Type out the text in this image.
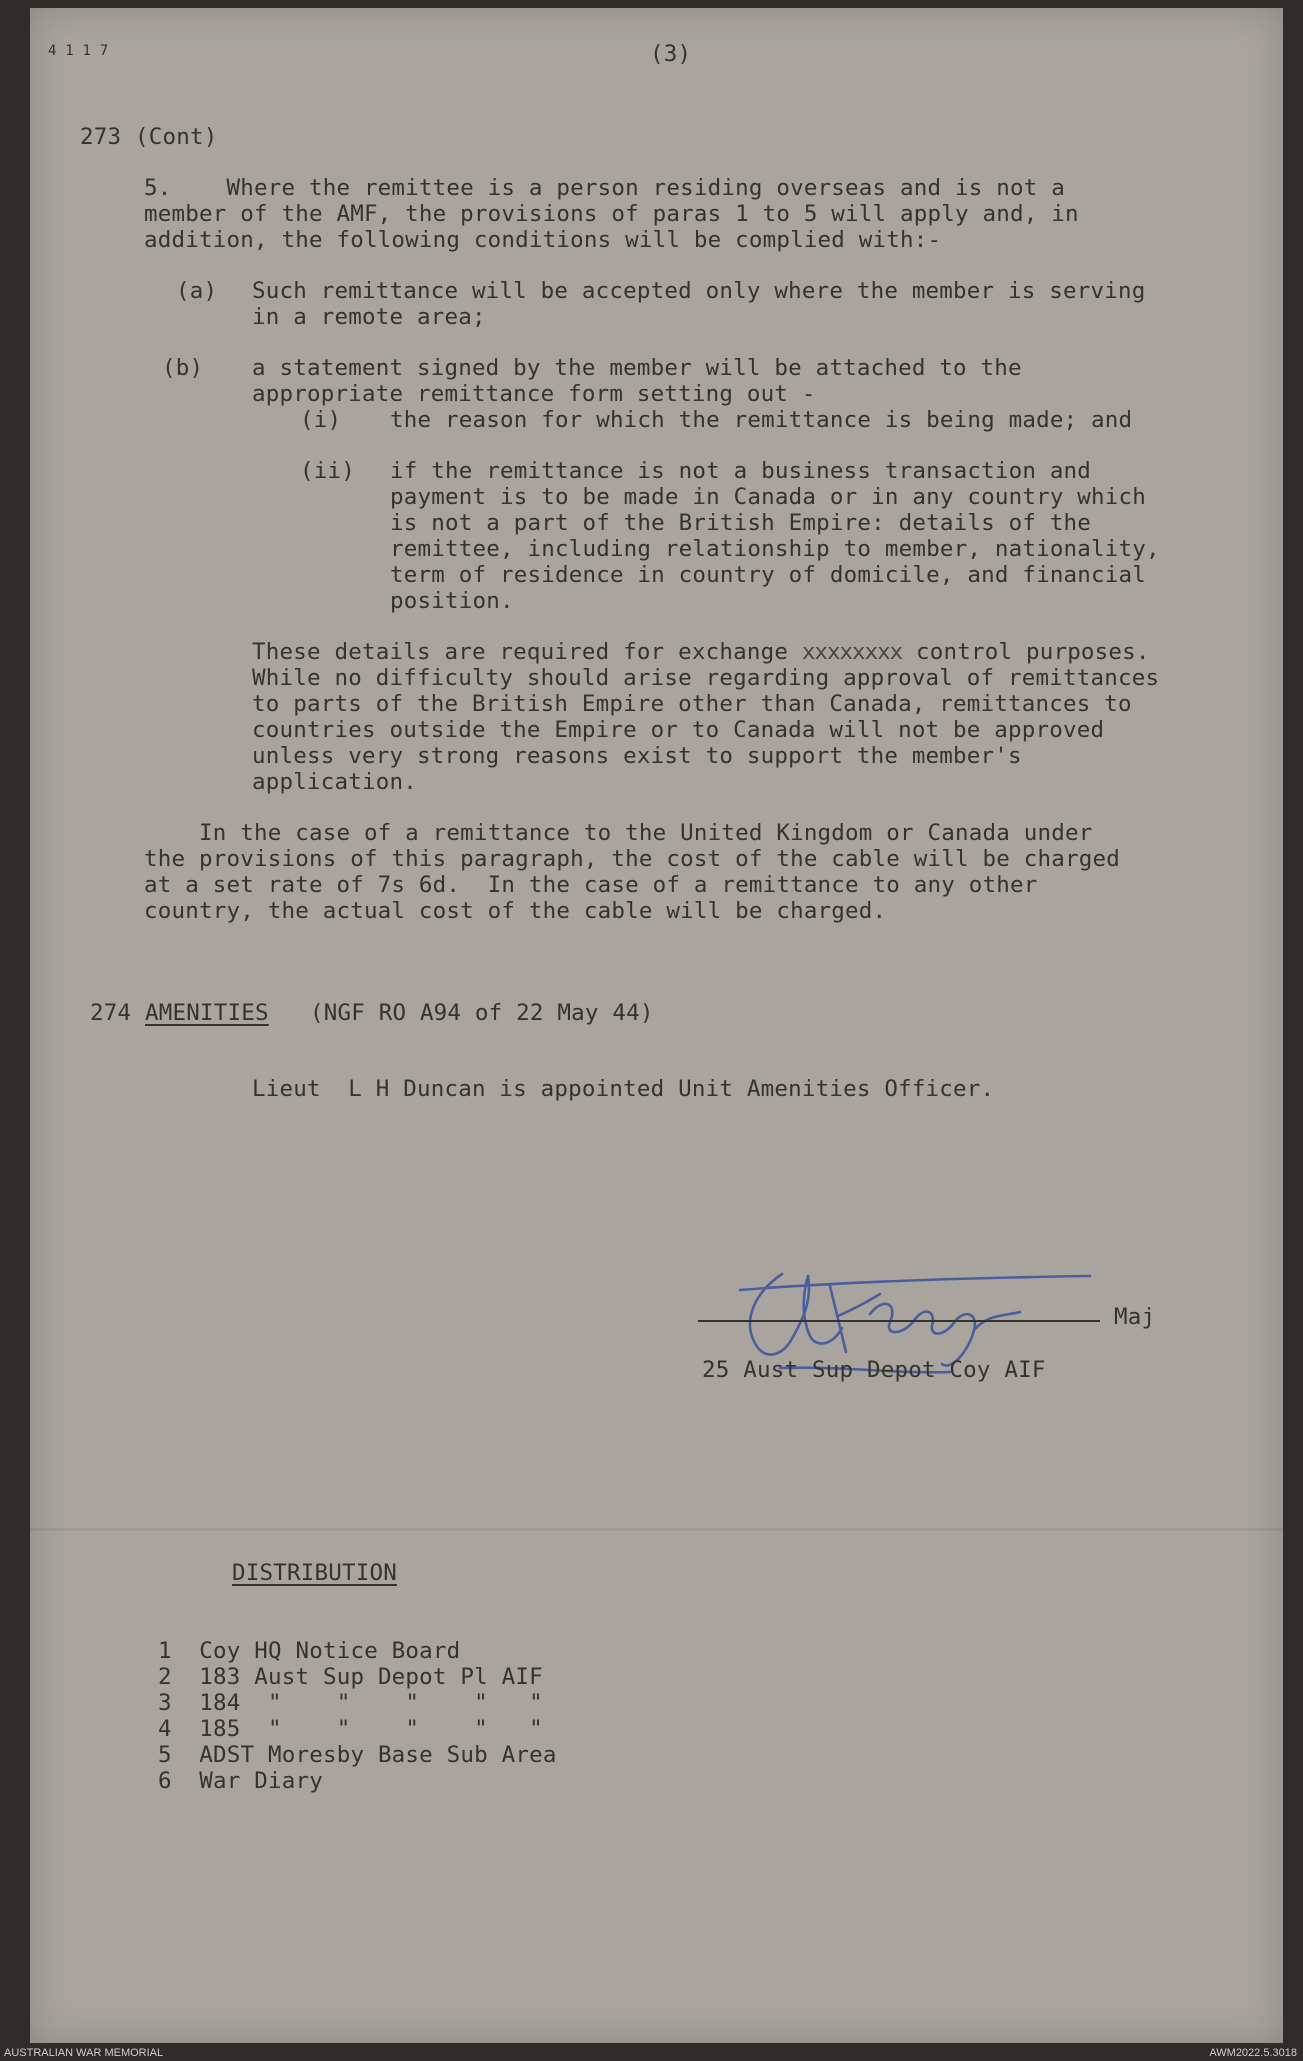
4 1 1 7	(3)
273 (Cont)
5.    Where the remittee is a person residing overseas and is not a
member of the AMF, the provisions of paras 1 to 5 will apply and, in
addition, the following conditions will be complied with:-
(a) Such remittance will be accepted only where the member is serving
in a remote area;
(b) a statement signed by the member will be attached to the
appropriate remittance form setting out -
(i) the reason for which the remittance is being made; and
(ii) if the remittance is not a business transaction and
payment is to be made in Canada or in any country which
is not a part of the British Empire: details of the
remittee, including relationship to member, nationality,
term of residence in country of domicile, and financial
position.
These details are required for exchange xxxxxxxx control purposes.
While no difficulty should arise regarding approval of remittances
to parts of the British Empire other than Canada, remittances to
countries outside the Empire or to Canada will not be approved
unless very strong reasons exist to support the member's
application.
In the case of a remittance to the United Kingdom or Canada under
the provisions of this paragraph, the cost of the cable will be charged
at a set rate of 7s 6d.  In the case of a remittance to any other
country, the actual cost of the cable will be charged.
274 AMENITIES (NGF RO A94 of 22 May 44)
Lieut  L H Duncan is appointed Unit Amenities Officer.
Maj
25 Aust Sup Depot Coy AIF
DISTRIBUTION
1  Coy HQ Notice Board
2  183 Aust Sup Depot Pl AIF
3  184  "    "    "    "   "
4  185  "    "    "    "   "
5  ADST Moresby Base Sub Area
6  War Diary
AUSTRALIAN WAR MEMORIAL	AWM2022.5.3018
